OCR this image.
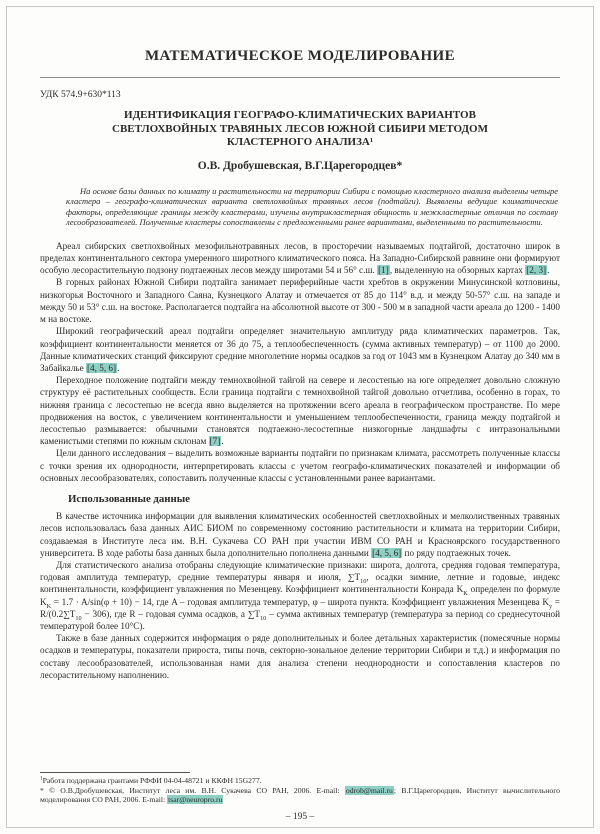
МАТЕМАТИЧЕСКОЕ МОДЕЛИРОВАНИЕ
УДК 574.9+630*113
ИДЕНТИФИКАЦИЯ ГЕОГРАФО-КЛИМАТИЧЕСКИХ ВАРИАНТОВ
СВЕТЛОХВОЙНЫХ ТРАВЯНЫХ ЛЕСОВ ЮЖНОЙ СИБИРИ МЕТОДОМ
КЛАСТЕРНОГО АНАЛИЗА¹
О.В. Дробушевская, В.Г.Царегородцев*
На основе базы данных по климату и растительности на территории Сибири с помощью кластерного анализа выделены четыре кластера – географо-климатических варианта светлохвойных травяных лесов (подтайги). Выявлены ведущие климатические факторы, определяющие границы между кластерами, изучены внутрикластерная общность и межкластерные отличия по составу лесообразователей. Полученные кластеры сопоставлены с предложенными ранее вариантами, выделенными по растительности.

Ареал сибирских светлохвойных мезофильнотравяных лесов, в просторечии называемых подтайгой, достаточно широк в пределах континентального сектора умеренного широтного климатического пояса. На Западно-Сибирской равнине они формируют особую лесорастительную подзону подтаежных лесов между широтами 54 и 56° с.ш. [1], выделенную на обзорных картах [2, 3].

В горных районах Южной Сибири подтайга занимает периферийные части хребтов в окружении Минусинской котловины, низкогорья Восточного и Западного Саяна, Кузнецкого Алатау и отмечается от 85 до 114° в.д. и между 50-57° с.ш. на западе и между 50 и 53° с.ш. на востоке. Располагается подтайга на абсолютной высоте от 300 - 500 м в западной части ареала до 1200 - 1400 м на востоке.

Широкий географический ареал подтайги определяет значительную амплитуду ряда климатических параметров. Так, коэффициент континентальности меняется от 36 до 75, а теплообеспеченность (сумма активных температур) – от 1100 до 2000. Данные климатических станций фиксируют средние многолетние нормы осадков за год от 1043 мм в Кузнецком Алатау до 340 мм в Забайкалье [4, 5, 6].

Переходное положение подтайги между темнохвойной тайгой на севере и лесостепью на юге определяет довольно сложную структуру её растительных сообществ. Если граница подтайги с темнохвойной тайгой довольно отчетлива, особенно в горах, то нижняя граница с лесостепью не всегда явно выделяется на протяжении всего ареала в географическом пространстве. По мере продвижения на восток, с увеличением континентальности и уменьшением теплообеспеченности, граница между подтайгой и лесостепью размывается: обычными становятся подтаежно-лесостепные низкогорные ландшафты с интразональными каменистыми степями по южным склонам [7].

Цели данного исследования – выделить возможные варианты подтайги по признакам климата, рассмотреть полученные классы с точки зрения их однородности, интерпретировать классы с учетом географо-климатических показателей и информации об основных лесообразователях, сопоставить полученные классы с установленными ранее вариантами.

Использованные данные

В качестве источника информации для выявления климатических особенностей светлохвойных и мелколиственных травяных лесов использовалась база данных АИС БИОМ по современному состоянию растительности и климата на территории Сибири, создаваемая в Институте леса им. В.Н. Сукачева СО РАН при участии ИВМ СО РАН и Красноярского государственного университета. В ходе работы база данных была дополнительно пополнена данными [4, 5, 6] по ряду подтаежных точек.

Для статистического анализа отобраны следующие климатические признаки: широта, долгота, средняя годовая температура, годовая амплитуда температур, средние температуры января и июля, $\sum T_{10}$, осадки зимние, летние и годовые, индекс континентальности, коэффициент увлажнения по Мезенцеву. Коэффициент континентальности Конрада $K_K$ определен по формуле $K_K = 1.7 \cdot A/\sin(\varphi + 10) - 14$, где A – годовая амплитуда температур, φ – широта пункта. Коэффициент увлажнения Мезенцева $K_у = R/(0.2\sum T_{10} - 306)$, где R – годовая сумма осадков, а $\sum T_{10}$ – сумма активных температур (температура за период со среднесуточной температурой более 10°С).

Также в базе данных содержится информация о ряде дополнительных и более детальных характеристик (помесячные нормы осадков и температуры, показатели прироста, типы почв, секторно-зональное деление территории Сибири и т.д.) и информация по составу лесообразователей, использованная нами для анализа степени неоднородности и сопоставления кластеров по лесорастительному наполнению.

$^1$Работа поддержана грантами РФФИ 04-04-48721 и ККФН 15G277.
* © О.В.Дробушевская, Институт леса им. В.Н. Сукачева СО РАН, 2006. E-mail: odrob@mail.ru; В.Г.Царегородцев, Институт вычислительного моделирования СО РАН, 2006. E-mail: tsar@neuropro.ru
– 195 –
